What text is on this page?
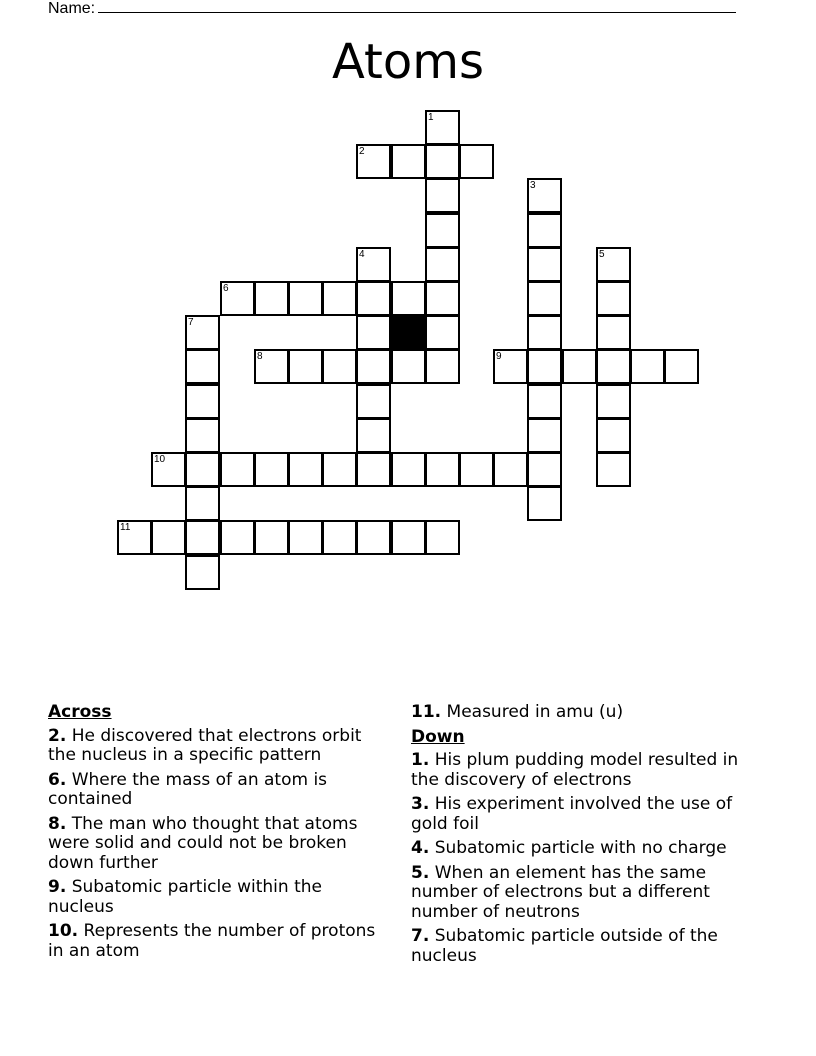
Name:
Atoms
1
2
3
4	5
6
7
8	9
10
11
Across
2. He discovered that electrons orbit the nucleus in a specific pattern
6. Where the mass of an atom is contained
8. The man who thought that atoms were solid and could not be broken down further
9. Subatomic particle within the nucleus
10. Represents the number of protons in an atom
11. Measured in amu (u)
Down
1. His plum pudding model resulted in the discovery of electrons
3. His experiment involved the use of gold foil
4. Subatomic particle with no charge
5. When an element has the same number of electrons but a different number of neutrons
7. Subatomic particle outside of the nucleus
